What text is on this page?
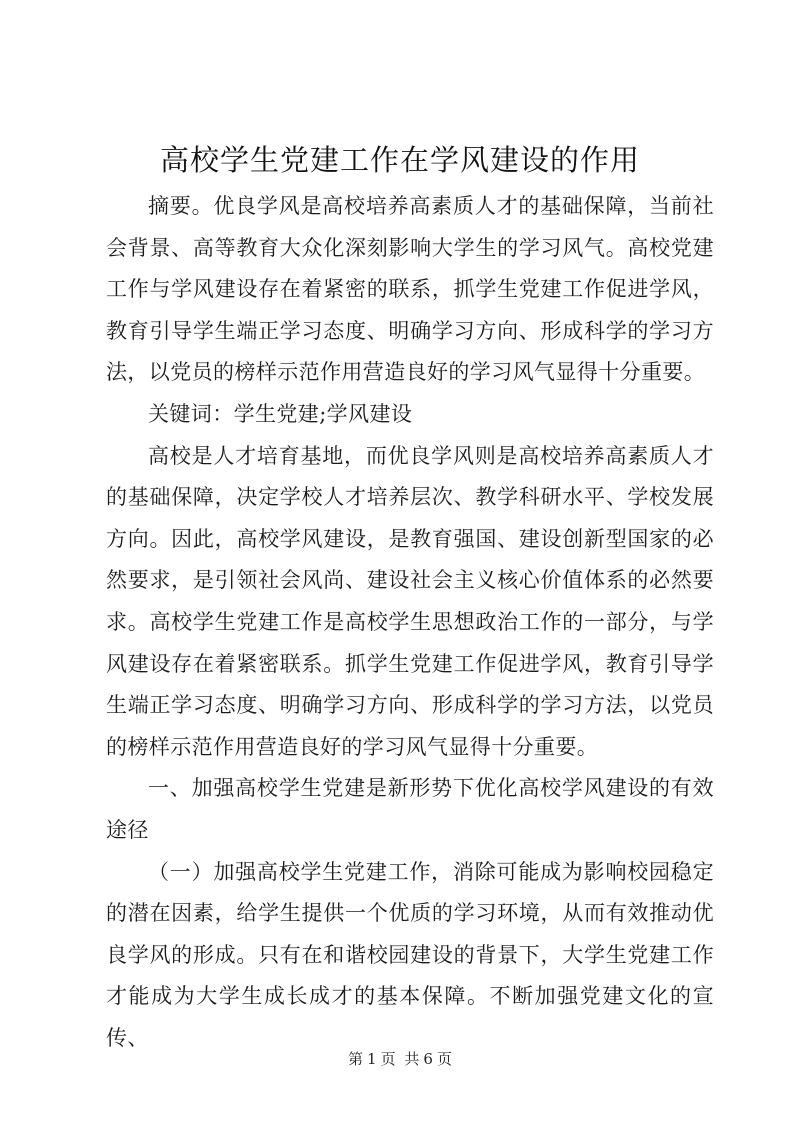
高校学生党建工作在学风建设的作用

摘要。优良学风是高校培养高素质人才的基础保障，当前社会背景、高等教育大众化深刻影响大学生的学习风气。高校党建工作与学风建设存在着紧密的联系，抓学生党建工作促进学风，教育引导学生端正学习态度、明确学习方向、形成科学的学习方法，以党员的榜样示范作用营造良好的学习风气显得十分重要。

关键词：学生党建;学风建设

高校是人才培育基地，而优良学风则是高校培养高素质人才的基础保障，决定学校人才培养层次、教学科研水平、学校发展方向。因此，高校学风建设，是教育强国、建设创新型国家的必然要求，是引领社会风尚、建设社会主义核心价值体系的必然要求。高校学生党建工作是高校学生思想政治工作的一部分，与学风建设存在着紧密联系。抓学生党建工作促进学风，教育引导学生端正学习态度、明确学习方向、形成科学的学习方法，以党员的榜样示范作用营造良好的学习风气显得十分重要。

一、加强高校学生党建是新形势下优化高校学风建设的有效途径

（一）加强高校学生党建工作，消除可能成为影响校园稳定的潜在因素，给学生提供一个优质的学习环境，从而有效推动优良学风的形成。只有在和谐校园建设的背景下，大学生党建工作才能成为大学生成长成才的基本保障。不断加强党建文化的宣传、

第 1 页 共 6 页
